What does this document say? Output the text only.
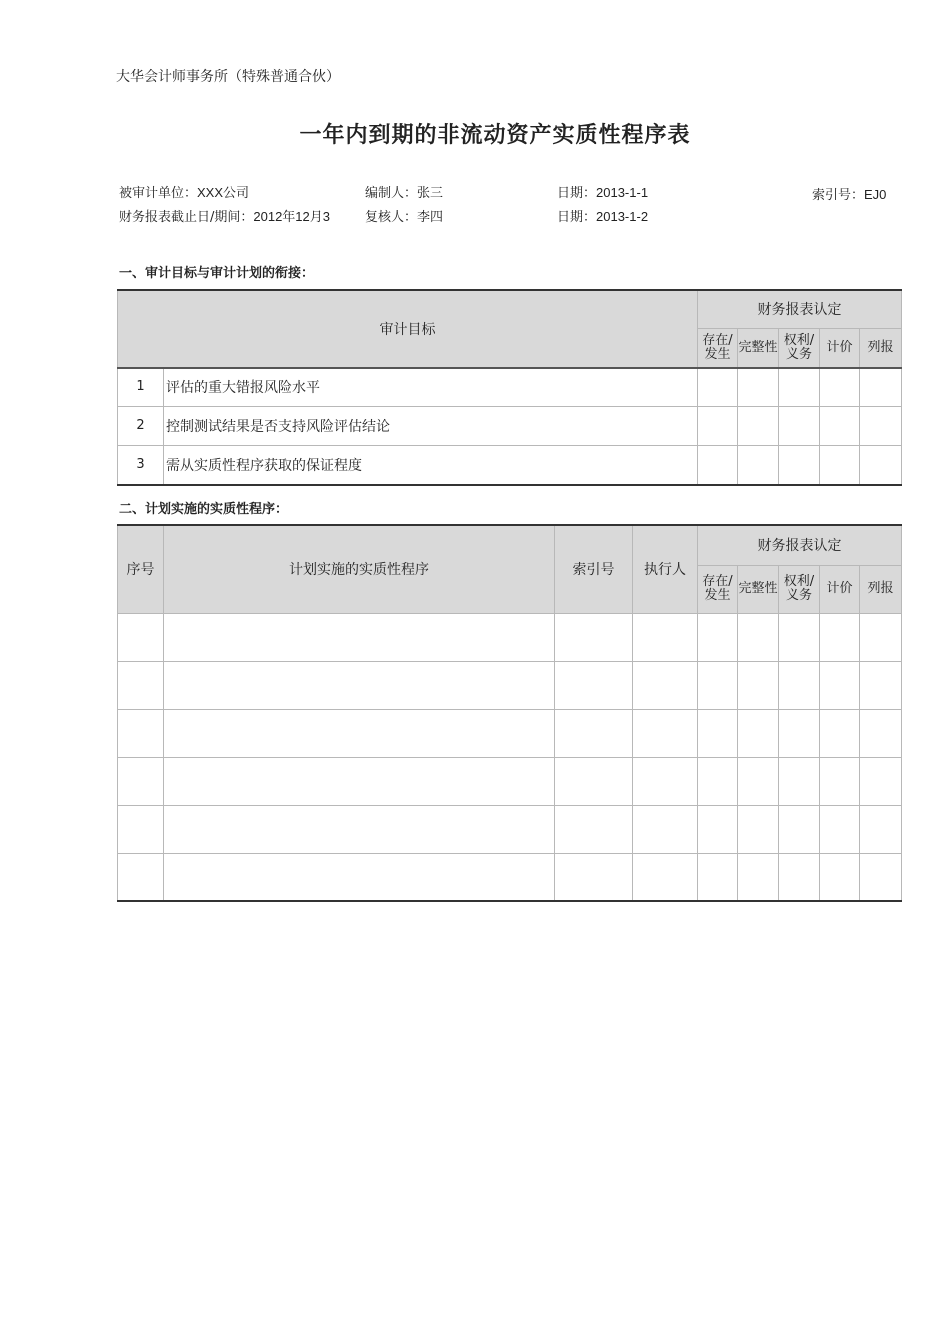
大华会计师事务所（特殊普通合伙）
一年内到期的非流动资产实质性程序表
被审计单位：XXX公司	编制人：张三	日期：2013-1-1	索引号：EJ0
财务报表截止日/期间：2012年12月3	复核人：李四	日期：2013-1-2
一、审计目标与审计计划的衔接：
审计目标		财务报表认定				

存在/发生	完整性	权利/义务	计价	列报

1	评估的重大错报风险水平					
2	控制测试结果是否支持风险评估结论					
3	需从实质性程序获取的保证程度					
二、计划实施的实质性程序：
序号	计划实施的实质性程序	索引号	执行人	财务报表认定				
				存在/发生	完整性	权利/义务	计价	列报
